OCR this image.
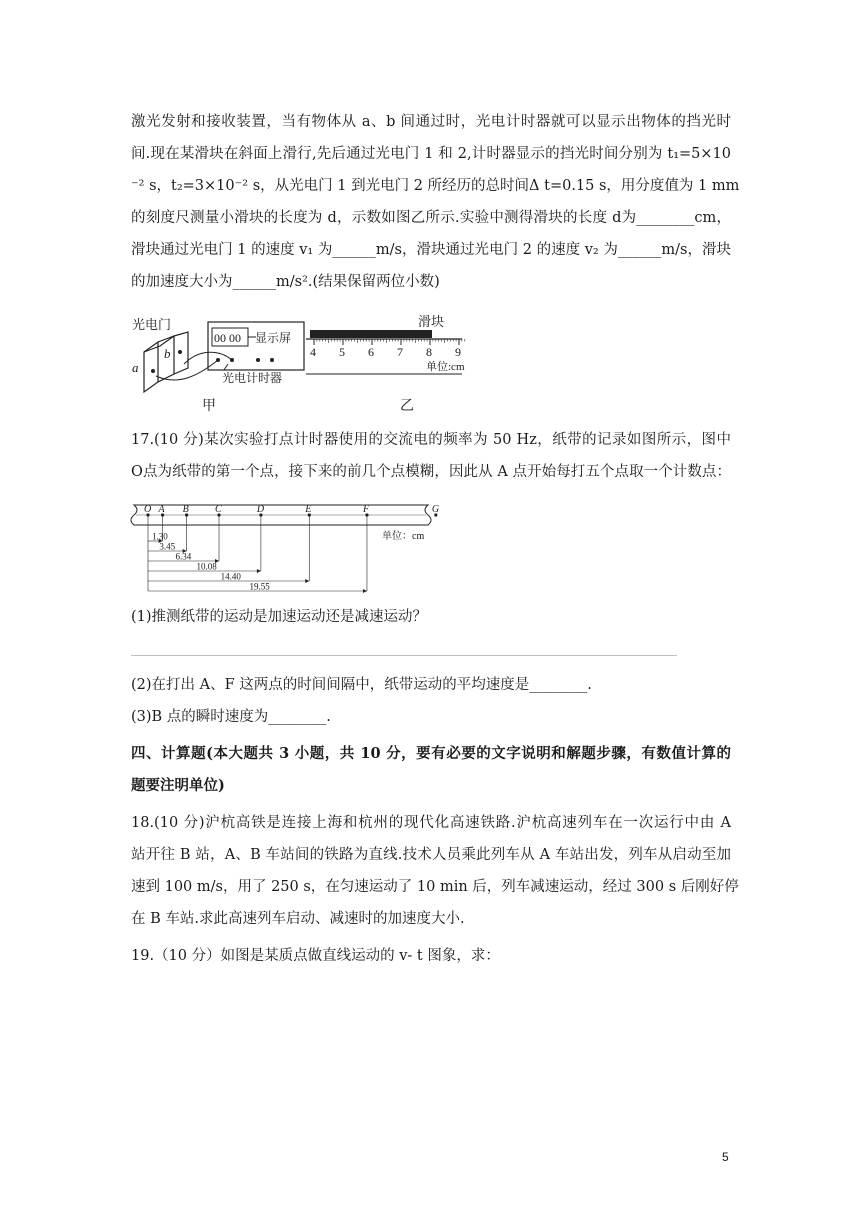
激光发射和接收装置，当有物体从 a、b 间通过时，光电计时器就可以显示出物体的挡光时
间.现在某滑块在斜面上滑行,先后通过光电门 1 和 2,计时器显示的挡光时间分别为 t₁=5×10
⁻² s，t₂=3×10⁻² s，从光电门 1 到光电门 2 所经历的总时间Δ t=0.15 s，用分度值为 1 mm
的刻度尺测量小滑块的长度为 d，示数如图乙所示.实验中测得滑块的长度 d为________cm，
滑块通过光电门 1 的速度 v₁ 为______m/s，滑块通过光电门 2 的速度 v₂ 为______m/s，滑块
的加速度大小为______m/s².(结果保留两位小数)
光电门
a
b
00 00 显示屏
光电计时器
甲
滑块
4 5 6 7 8 9
单位:cm
乙
17.(10 分)某次实验打点计时器使用的交流电的频率为 50 Hz，纸带的记录如图所示，图中
O点为纸带的第一个点，接下来的前几个点模糊，因此从 A 点开始每打五个点取一个计数点：
O A B	C	D	E	F	G
1.30
3.45
6.34
10.08
14.40
19.55
单位：cm
(1)推测纸带的运动是加速运动还是减速运动？
(2)在打出 A、F 这两点的时间间隔中，纸带运动的平均速度是________.
(3)B 点的瞬时速度为________.
四、计算题(本大题共 3 小题，共 10 分，要有必要的文字说明和解题步骤，有数值计算的
题要注明单位)
18.(10 分)沪杭高铁是连接上海和杭州的现代化高速铁路.沪杭高速列车在一次运行中由 A
站开往 B 站，A、B 车站间的铁路为直线.技术人员乘此列车从 A 车站出发，列车从启动至加
速到 100 m/s，用了 250 s，在匀速运动了 10 min 后，列车减速运动，经过 300 s 后刚好停
在 B 车站.求此高速列车启动、减速时的加速度大小.
19.（10 分）如图是某质点做直线运动的 v- t 图象，求：
5
